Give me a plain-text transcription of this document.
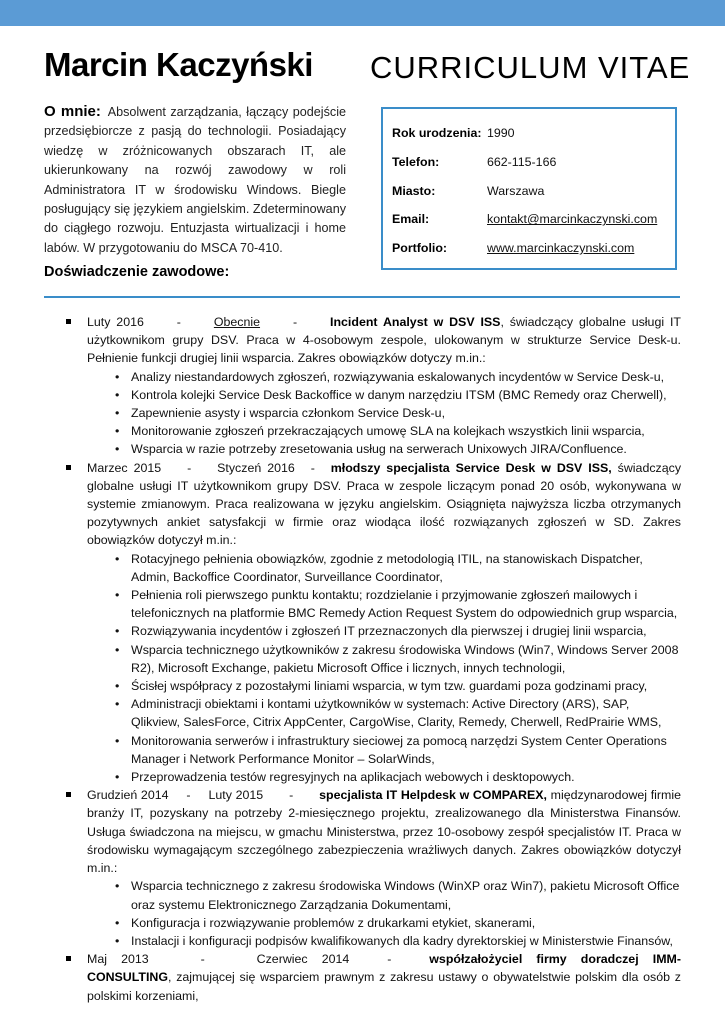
Marcin Kaczyński CURRICULUM VITAE
O mnie: Absolwent zarządzania, łączący podejście przedsiębiorcze z pasją do technologii. Posiadający wiedzę w zróżnicowanych obszarach IT, ale ukierunkowany na rozwój zawodowy w roli Administratora IT w środowisku Windows. Biegle posługujący się językiem angielskim. Zdeterminowany do ciągłego rozwoju. Entuzjasta wirtualizacji i home labów. W przygotowaniu do MSCA 70-410.
Rok urodzenia: 1990
Telefon:	662-115-166
Miasto:	Warszawa
Email:	kontakt@marcinkaczynski.com
Portfolio:	www.marcinkaczynski.com
Doświadczenie zawodowe:
Luty 2016	-	Obecnie	-	Incident Analyst w DSV ISS, świadczący globalne usługi IT użytkownikom grupy DSV. Praca w 4-osobowym zespole, ulokowanym w strukturze Service Desk-u. Pełnienie funkcji drugiej linii wsparcia. Zakres obowiązków dotyczy m.in.:
• Analizy niestandardowych zgłoszeń, rozwiązywania eskalowanych incydentów w Service Desk-u,
• Kontrola kolejki Service Desk Backoffice w danym narzędziu ITSM (BMC Remedy oraz Cherwell),
• Zapewnienie asysty i wsparcia członkom Service Desk-u,
• Monitorowanie zgłoszeń przekraczających umowę SLA na kolejkach wszystkich linii wsparcia,
• Wsparcia w razie potrzeby zresetowania usług na serwerach Unixowych JIRA/Confluence.
Marzec 2015 - Styczeń 2016 - młodszy specjalista Service Desk w DSV ISS, świadczący globalne usługi IT użytkownikom grupy DSV. Praca w zespole liczącym ponad 20 osób, wykonywana w systemie zmianowym. Praca realizowana w języku angielskim. Osiągnięta najwyższa liczba otrzymanych pozytywnych ankiet satysfakcji w firmie oraz wiodąca ilość rozwiązanych zgłoszeń w SD. Zakres obowiązków dotyczył m.in.:
• Rotacyjnego pełnienia obowiązków, zgodnie z metodologią ITIL, na stanowiskach Dispatcher, Admin, Backoffice Coordinator, Surveillance Coordinator,
• Pełnienia roli pierwszego punktu kontaktu; rozdzielanie i przyjmowanie zgłoszeń mailowych i telefonicznych na platformie BMC Remedy Action Request System do odpowiednich grup wsparcia,
• Rozwiązywania incydentów i zgłoszeń IT przeznaczonych dla pierwszej i drugiej linii wsparcia,
• Wsparcia technicznego użytkowników z zakresu środowiska Windows (Win7, Windows Server 2008 R2), Microsoft Exchange, pakietu Microsoft Office i licznych, innych technologii,
• Ścisłej współpracy z pozostałymi liniami wsparcia, w tym tzw. guardami poza godzinami pracy,
• Administracji obiektami i kontami użytkowników w systemach: Active Directory (ARS), SAP, Qlikview, SalesForce, Citrix AppCenter, CargoWise, Clarity, Remedy, Cherwell, RedPrairie WMS,
• Monitorowania serwerów i infrastruktury sieciowej za pomocą narzędzi System Center Operations Manager i Network Performance Monitor – SolarWinds,
• Przeprowadzenia testów regresyjnych na aplikacjach webowych i desktopowych.
Grudzień 2014 - Luty 2015 - specjalista IT Helpdesk w COMPAREX, międzynarodowej firmie branży IT, pozyskany na potrzeby 2-miesięcznego projektu, zrealizowanego dla Ministerstwa Finansów. Usługa świadczona na miejscu, w gmachu Ministerstwa, przez 10-osobowy zespół specjalistów IT. Praca w środowisku wymagającym szczególnego zabezpieczenia wrażliwych danych. Zakres obowiązków dotyczył m.in.:
• Wsparcia technicznego z zakresu środowiska Windows (WinXP oraz Win7), pakietu Microsoft Office oraz systemu Elektronicznego Zarządzania Dokumentami,
• Konfiguracja i rozwiązywanie problemów z drukarkami etykiet, skanerami,
• Instalacji i konfiguracji podpisów kwalifikowanych dla kadry dyrektorskiej w Ministerstwie Finansów,
Maj 2013	-	Czerwiec 2014	-	współzałożyciel firmy doradczej IMM-CONSULTING, zajmującej się wsparciem prawnym z zakresu ustawy o obywatelstwie polskim dla osób z polskimi korzeniami,
